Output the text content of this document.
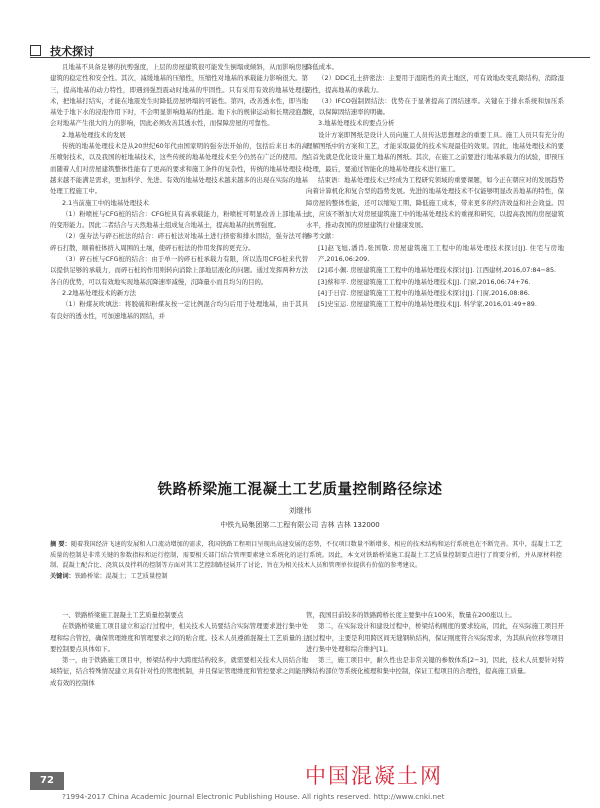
技术探讨

且地基不具备足够的抗剪强度，上层的房屋建筑很可能发生倒塌或倾斜，从而影响房屋建筑的稳定性和安全性。其次，减缓地基的压缩性，压缩性对地基的承载能力影响很大。第三，提高地基的动力特性，即遇到强烈震动时地基的牢固性。只有采用有效的地基处理技术，把地基打结实，才能在地震发生时降低房屋坍塌的可能性。第四，改善透水性，即当地基处于地下水的浸泡作用下时，不会明显影响地基的性能。地下水的规律运动和长期浸泡都会对地基产生很大的力的影响，因此必须改善其透水性，而保障房屋的可靠性。

2.地基处理技术的发展

传统的地基处理技术是从20世纪60年代由国家明的强夯法开始的，包括后来日本的高压喷射技术，以及我国的桩地基技术，这些传统的地基处理技术至今仍然在广泛的使用。然而随着人们对房屋建筑整体性能有了更高的要求和施工条件的复杂性，传统的地基处理技术越来越不能满足需求，更加科学、先进、有效的地基处理技术越来越多的出现在实际的地基处理工程施工中。

2.1当前施工中的地基处理技术

（1）粉喷桩与CFG桩的结合：CFG桩具有高承载能力，粉喷桩可明显改善上部地基土的变形能力。因此二者结合与天然地基土组成复合地基土，提高地基的抗剪强度。

（2）强夯法与碎石桩法的结合：碎石桩法对地基土进行挤密和排水固结，强夯法可将碎石打散，顺着桩体挤入周围的土壤，使碎石桩法的作用发挥的更充分。

（3）碎石桩与CFG桩的结合：由于单一的碎石桩承载力有限，所以选用CFG桩来代替以提供足够的承载力，而碎石桩的作用则转向消除上部地层液化的问题。通过发挥两种方法各自的优势，可以有效地实现地基沉降速率减慢，沉降量小而且均匀的目的。

2.2地基处理技术的新方法

（1）粉煤灰吹填法：将脱硫和粉煤灰按一定比例混合均匀后用于处理地基，由于其具有良好的透水性，可加速地基的固结，并

降低成本。

（2）DDC孔土挤密法：主要用于湿陷性的黄土地区，可有效地改变孔隙结构，消除湿陷性，提高地基的承载力。

（3）IFCO强制固结法：优势在于显著提高了固结速率。关键在于排水系统和加压系统，以保障固结速率的明确。

3.地基处理技术的要点分析

设计方案即图纸是设计人员向施工人员传达思想理念的重要工具。施工人员只有充分的理解图纸中的方案和工艺，才能采取最优的技术实现最佳的效果。因此，地基处理技术的要点首先就是优化设计施工地基的图纸。其次，在施工之前要进行地基承载力的试验，即预压处理，最后，要通过智能化的地基处理技术进行施工。

结束语：地基处理技术已经成为工程研究领域的重要课题，如今正在朝应对的发展趋势向着计算机化和复合型的趋势发展。先进的地基处理技术不仅能够明显改善地基的特性，保障房屋的整体性能，还可以缩短工期、降低施工成本，带来更多的经济效益和社会效益。因此，应该不断加大对房屋建筑施工中的地基处理技术的重视和研究，以提高我国的房屋建筑水平，推动我国的房屋建筑行业健康发展。

参考文献：

[1]赵飞旭,潘肖,张国敬. 房屋建筑施工工程中的地基处理技术探讨[J]. 住宅与房地产,2016,06:209.

[2]邓小佩. 房屋建筑施工工程中的地基处理技术探讨[J]. 江西建材,2016,07:84−85.

[3]蔡和平. 房屋建筑施工工程中的地基处理技术[J]. 门窗,2016,06:74+76.

[4]于日营. 房屋建筑施工工程中的地基处理技术探讨[J]. 门窗,2016,08:86.

[5]史宝运. 房屋建筑施工工程中的地基处理技术[J]. 科学家,2016,01:49+89.

铁路桥梁施工混凝土工艺质量控制路径综述

刘继伟
中铁九局集团第二工程有限公司 吉林 吉林 132000

摘 要：随着我国经济飞速的发展和人口流动增加的需求，我国铁路工程项目呈现出高速发展的态势，不仅项目数量不断增多，相应的技术结构和运行系统也在不断完善。其中，混凝土工艺质量的控制是非常关键的参数指标和运行控制，需要相关部门结合管理要素建立系统化的运行系统。因此，本文对铁路桥梁施工混凝土工艺质量控制要点进行了简要分析，并从原材料控制、混凝土配合比、浇筑以及拌料的控制等方面对其工艺控制路径展开了讨论，旨在为相关技术人员和管理单位提供有价值的参考建议。

关键词：铁路桥梁；混凝土；工艺质量控制

一、铁路桥梁施工混凝土工艺质量控制要点

在铁路桥梁施工项目建立和运行过程中，相关技术人员要结合实际管理要求进行集中处理和综合管控，确保管理维度和管理要求之间的贴合度。技术人员遵循混凝土工艺质量的主要控制要点具体如下。

第一，由于铁路施工项目中，桥梁结构中大跨度结构较多，就需要相关技术人员结合地域特征，结合特殊情况建立具有针对性的管理机制，并且保证管理维度和管控要求之间能形成有效的控制体

管，我国目前较多的铁路跨桥长度主要集中在100米，数量在200座以上。

第二，在实际设计和建设过程中，桥梁结构刚度的要求较高，因此，在实际施工项目开展过程中，主要是利用跨区间无缝钢轨结构，保证刚度符合实际需求，为其纵向位移等项目进行集中处理和综合维护[1]。

第三，施工项目中，耐久性也是非常关键的参数体系[2−3]，因此，技术人员要针对特殊结构部位等系统化梳理和集中控制，保证工程项目的合理性，提高施工质量。

72	中国混凝土网
?1994-2017 China Academic Journal Electronic Publishing House. All rights reserved. http://www.cnki.net
